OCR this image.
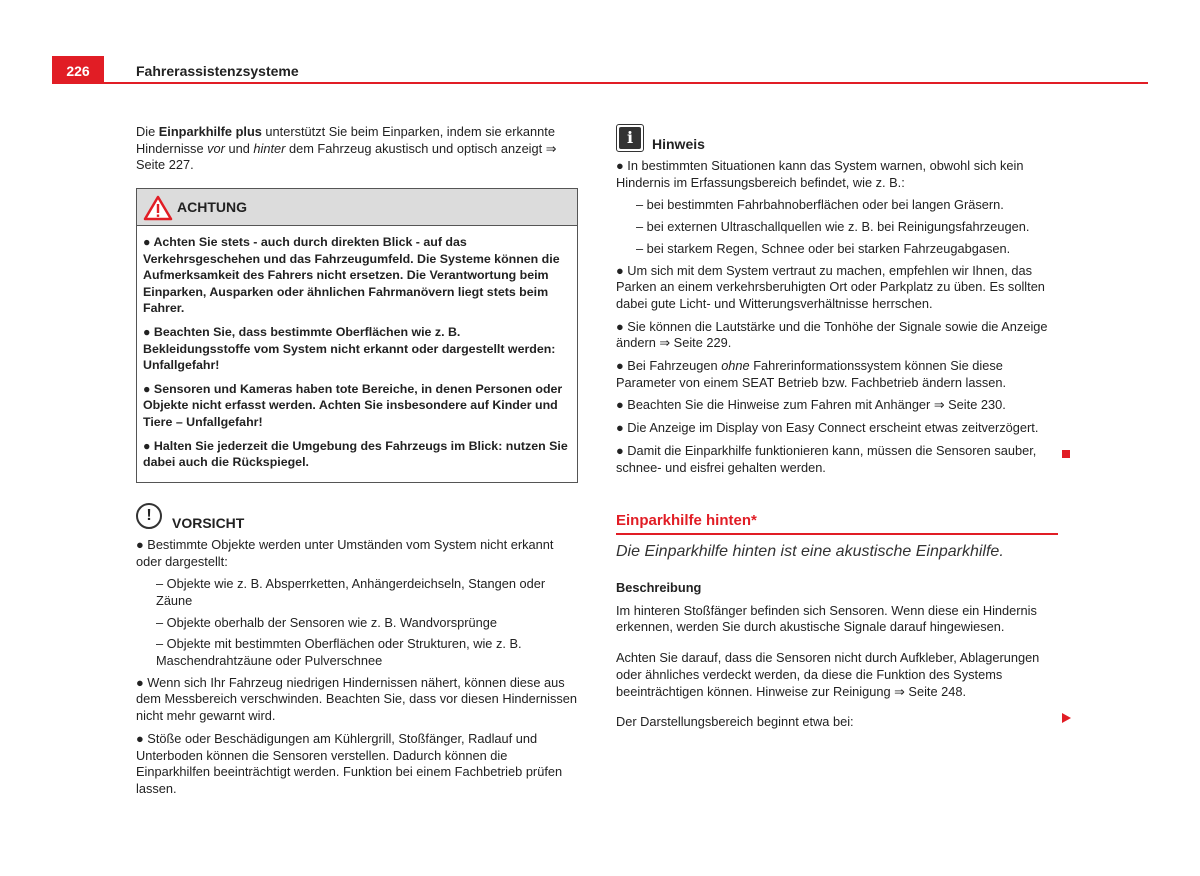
226	Fahrerassistenzsysteme

Die Einparkhilfe plus unterstützt Sie beim Einparken, indem sie erkannte Hindernisse vor und hinter dem Fahrzeug akustisch und optisch anzeigt ⇒ Seite 227.

ACHTUNG

● Achten Sie stets - auch durch direkten Blick - auf das Verkehrsgeschehen und das Fahrzeugumfeld. Die Systeme können die Aufmerksamkeit des Fahrers nicht ersetzen. Die Verantwortung beim Einparken, Ausparken oder ähnlichen Fahrmanövern liegt stets beim Fahrer.

● Beachten Sie, dass bestimmte Oberflächen wie z. B. Bekleidungsstoffe vom System nicht erkannt oder dargestellt werden: Unfallgefahr!

● Sensoren und Kameras haben tote Bereiche, in denen Personen oder Objekte nicht erfasst werden. Achten Sie insbesondere auf Kinder und Tiere – Unfallgefahr!

● Halten Sie jederzeit die Umgebung des Fahrzeugs im Blick: nutzen Sie dabei auch die Rückspiegel.

!	VORSICHT

● Bestimmte Objekte werden unter Umständen vom System nicht erkannt oder dargestellt:

– Objekte wie z. B. Absperrketten, Anhängerdeichseln, Stangen oder Zäune

– Objekte oberhalb der Sensoren wie z. B. Wandvorsprünge

– Objekte mit bestimmten Oberflächen oder Strukturen, wie z. B. Maschendrahtzäune oder Pulverschnee

● Wenn sich Ihr Fahrzeug niedrigen Hindernissen nähert, können diese aus dem Messbereich verschwinden. Beachten Sie, dass vor diesen Hindernissen nicht mehr gewarnt wird.

● Stöße oder Beschädigungen am Kühlergrill, Stoßfänger, Radlauf und Unterboden können die Sensoren verstellen. Dadurch können die Einparkhilfen beeinträchtigt werden. Funktion bei einem Fachbetrieb prüfen lassen.

i	Hinweis

● In bestimmten Situationen kann das System warnen, obwohl sich kein Hindernis im Erfassungsbereich befindet, wie z. B.:

– bei bestimmten Fahrbahnoberflächen oder bei langen Gräsern.

– bei externen Ultraschallquellen wie z. B. bei Reinigungsfahrzeugen.

– bei starkem Regen, Schnee oder bei starken Fahrzeugabgasen.

● Um sich mit dem System vertraut zu machen, empfehlen wir Ihnen, das Parken an einem verkehrsberuhigten Ort oder Parkplatz zu üben. Es sollten dabei gute Licht- und Witterungsverhältnisse herrschen.

● Sie können die Lautstärke und die Tonhöhe der Signale sowie die Anzeige ändern ⇒ Seite 229.

● Bei Fahrzeugen ohne Fahrerinformationssystem können Sie diese Parameter von einem SEAT Betrieb bzw. Fachbetrieb ändern lassen.

● Beachten Sie die Hinweise zum Fahren mit Anhänger ⇒ Seite 230.

● Die Anzeige im Display von Easy Connect erscheint etwas zeitverzögert.

● Damit die Einparkhilfe funktionieren kann, müssen die Sensoren sauber, schnee- und eisfrei gehalten werden.

Einparkhilfe hinten*
Die Einparkhilfe hinten ist eine akustische Einparkhilfe.
Beschreibung

Im hinteren Stoßfänger befinden sich Sensoren. Wenn diese ein Hindernis erkennen, werden Sie durch akustische Signale darauf hingewiesen.

Achten Sie darauf, dass die Sensoren nicht durch Aufkleber, Ablagerungen oder ähnliches verdeckt werden, da diese die Funktion des Systems beeinträchtigen können. Hinweise zur Reinigung ⇒ Seite 248.

Der Darstellungsbereich beginnt etwa bei:
